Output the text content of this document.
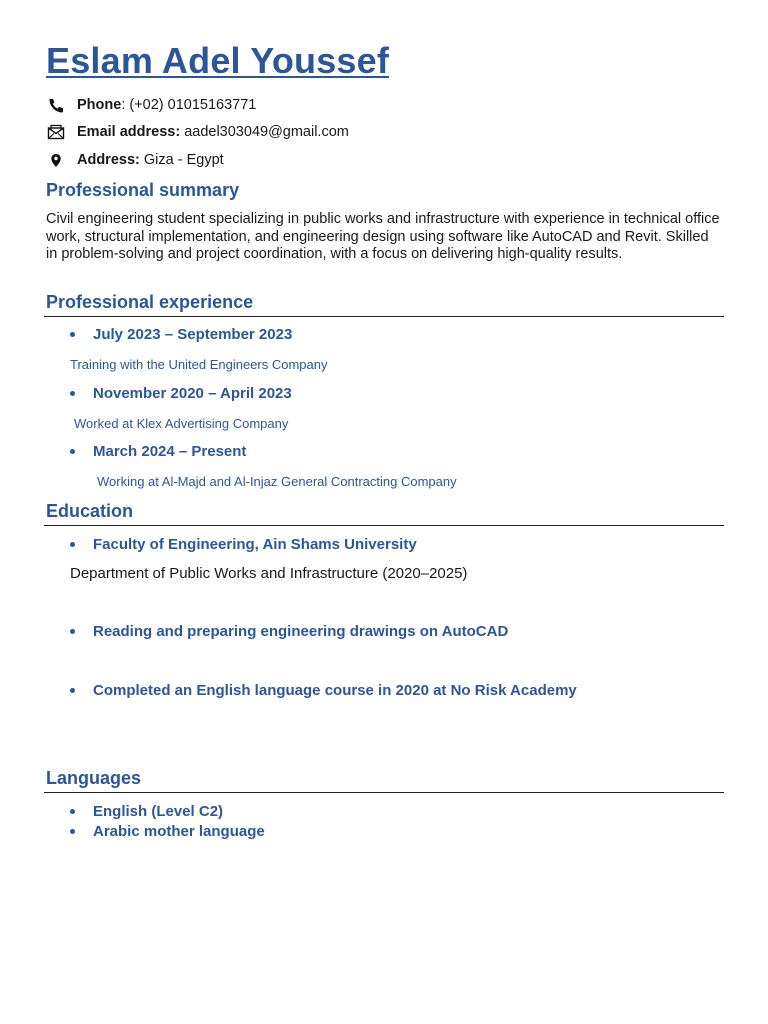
Eslam Adel Youssef
Phone : (+02) 01015163771
Email address:
aadel303049@gmail.com
Address:
Giza - Egypt
Professional summary

Civil engineering student specializing in public works and infrastructure with experience in technical office work, structural implementation, and engineering design using software like AutoCAD and Revit. Skilled in problem-solving and project coordination, with a focus on delivering high-quality results.

Professional experience
July 2023 – September 2023
Training with the United Engineers Company
November 2020 – April 2023
Worked at Klex Advertising Company
March 2024 – Present
Working at Al-Majd and Al-Injaz General Contracting Company
Education
Faculty of Engineering, Ain Shams University
Department of Public Works and Infrastructure (2020–2025)
Reading and preparing engineering drawings on AutoCAD
Completed an English language course in 2020 at No Risk Academy
Languages
English (Level C2)
Arabic mother language
